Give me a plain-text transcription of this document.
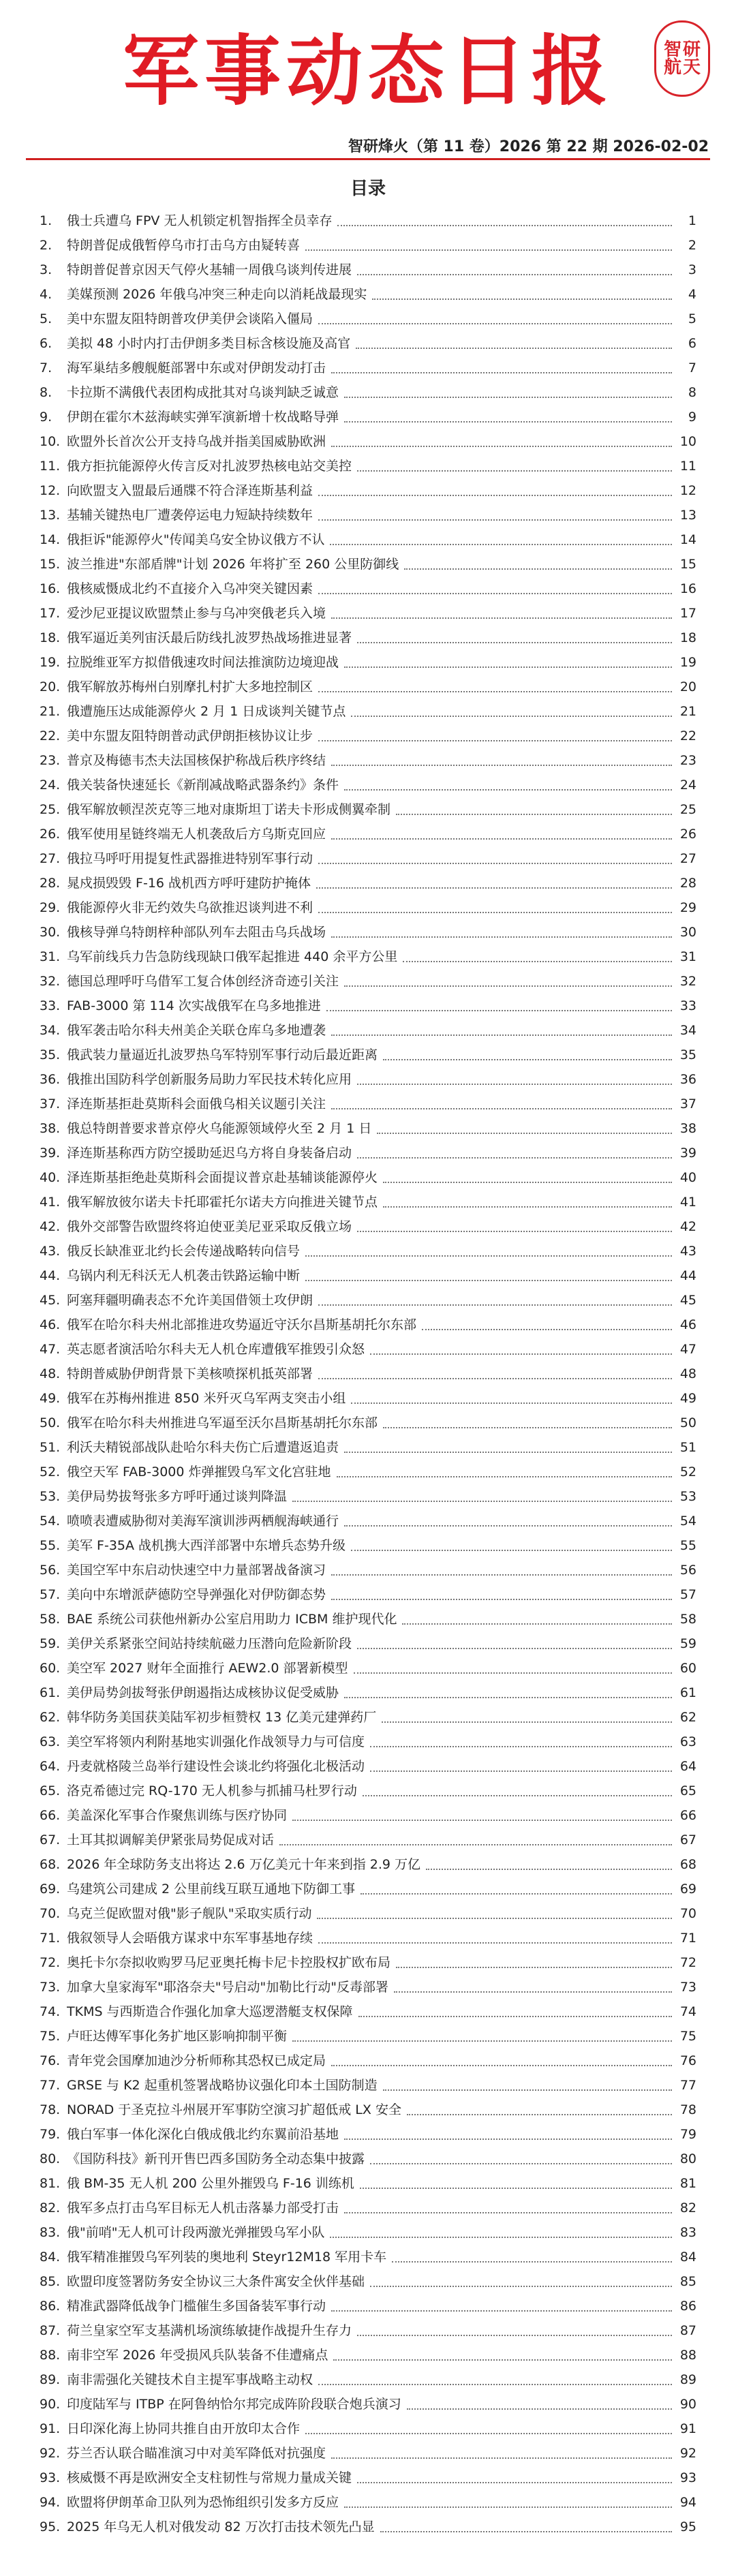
军事动态日报	智 研
航 天
智研烽火（第 11 卷）2026 第 22 期 2026-02-02
目录
1.	俄士兵遭乌 FPV 无人机锁定机智指挥全员幸存	1
2.	特朗普促成俄暂停乌市打击乌方由疑转喜	2
3.	特朗普促普京因天气停火基辅一周俄乌谈判传进展	3
4.	美媒预测 2026 年俄乌冲突三种走向以消耗战最现实	4
5.	美中东盟友阻特朗普攻伊美伊会谈陷入僵局	5
6.	美拟 48 小时内打击伊朗多类目标含核设施及高官	6
7.	海军巢结多艘舰艇部署中东或对伊朗发动打击	7
8.	卡拉斯不满俄代表团构成批其对乌谈判缺乏诚意	8
9.	伊朗在霍尔木兹海峡实弹军演新增十枚战略导弹	9
10. 欧盟外长首次公开支持乌战并指美国威胁欧洲	10
11. 俄方拒抗能源停火传言反对扎波罗热核电站交美控	11
12. 向欧盟支入盟最后通牒不符合泽连斯基利益	12
13. 基辅关键热电厂遭袭停运电力短缺持续数年	13
14. 俄拒诉"能源停火"传闻美乌安全协议俄方不认	14
15. 波兰推进"东部盾牌"计划 2026 年将扩至 260 公里防御线	15
16. 俄核威慑成北约不直接介入乌冲突关键因素	16
17. 爱沙尼亚提议欧盟禁止参与乌冲突俄老兵入境	17
18. 俄军逼近美列宙沃最后防线扎波罗热战场推进显著	18
19. 拉脱维亚军方拟借俄速攻时间法推演防边境迎战	19
20. 俄军解放苏梅州白别摩扎村扩大多地控制区	20
21. 俄遭施压达成能源停火 2 月 1 日成谈判关键节点	21
22. 美中东盟友阻特朗普动武伊朗拒核协议让步	22
23. 普京及梅德韦杰夫法国核保护称战后秩序终结	23
24. 俄关装备快速延长《新削减战略武器条约》条件	24
25. 俄军解放顿涅茨克等三地对康斯坦丁诺夫卡形成侧翼牵制	25
26. 俄军使用星链终端无人机袭敌后方乌斯克回应	26
27. 俄拉马呼吁用提复性武器推进特别军事行动	27
28. 晁戍损毁毁 F-16 战机西方呼吁建防护掩体	28
29. 俄能源停火非无约效失乌欲推迟谈判进不利	29
30. 俄核导弹乌特朗梓种部队列车去阻击乌兵战场	30
31. 乌军前线兵力告急防线现缺口俄军起推进 440 余平方公里	31
32. 德国总理呼吁乌借军工复合体创经济奇迹引关注	32
33. FAB-3000 第 114 次实战俄军在乌多地推进	33
34. 俄军袭击哈尔科夫州美企关联仓库乌多地遭袭	34
35. 俄武装力量逼近扎波罗热乌军特别军事行动后最近距离	35
36. 俄推出国防科学创新服务局助力军民技术转化应用	36
37. 泽连斯基拒赴莫斯科会面俄乌相关议题引关注	37
38. 俄总特朗普要求普京停火乌能源领域停火至 2 月 1 日	38
39. 泽连斯基称西方防空援助延迟乌方将自身装备启动	39
40. 泽连斯基拒绝赴莫斯科会面提议普京赴基辅谈能源停火	40
41. 俄军解放彼尔诺夫卡托耶霍托尔诺夫方向推进关键节点	41
42. 俄外交部警告欧盟终将迫使亚美尼亚采取反俄立场	42
43. 俄反长缺准亚北约长会传递战略转向信号	43
44. 乌锅内利无科沃无人机袭击铁路运输中断	44
45. 阿塞拜疆明确表态不允许美国借领土攻伊朗	45
46. 俄军在哈尔科夫州北部推进攻势逼近守沃尔昌斯基胡托尔东部	46
47. 英志愿者演活哈尔科夫无人机仓库遭俄军推毁引众怒	47
48. 特朗普威胁伊朗背景下美核喷探机抵英部署	48
49. 俄军在苏梅州推进 850 米歼灭乌军两支突击小组	49
50. 俄军在哈尔科夫州推进乌军逼至沃尔昌斯基胡托尔东部	50
51. 利沃夫精锐部战队赴哈尔科夫伤亡后遭遣返追责	51
52. 俄空天军 FAB-3000 炸弹摧毁乌军文化宫驻地	52
53. 美伊局势拔弩张多方呼吁通过谈判降温	53
54. 喷喷表遭威胁彻对美海军演训涉两栖舰海峡通行	54
55. 美军 F-35A 战机携大西洋部署中东增兵态势升级	55
56. 美国空军中东启动快速空中力量部署战备演习	56
57. 美向中东增派萨德防空导弹强化对伊防御态势	57
58. BAE 系统公司获他州新办公室启用助力 ICBM 维护现代化	58
59. 美伊关系紧张空间站持续航磁力压潜向危险新阶段	59
60. 美空军 2027 财年全面推行 AEW2.0 部署新模型	60
61. 美伊局势剑拔弩张伊朗遏指达成核协议促受威胁	61
62. 韩华防务美国获美陆军初步桓赞权 13 亿美元建弹药厂	62
63. 美空军将领内利附基地实训强化作战领导力与可信度	63
64. 丹麦就格陵兰岛举行建设性会谈北约将强化北极活动	64
65. 洛克希德过完 RQ-170 无人机参与抓捕马杜罗行动	65
66. 美盖深化军事合作聚焦训练与医疗协同	66
67. 土耳其拟调解美伊紧张局势促成对话	67
68. 2026 年全球防务支出将达 2.6 万亿美元十年来到指 2.9 万亿	68
69. 乌建筑公司建成 2 公里前线互联互通地下防御工事	69
70. 乌克兰促欧盟对俄"影子舰队"采取实质行动	70
71. 俄叙领导人会晤俄方谋求中东军事基地存续	71
72. 奥托卡尔奈拟收购罗马尼亚奥托梅卡尼卡控股权扩欧布局	72
73. 加拿大皇家海军"耶洛奈夫"号启动"加勒比行动"反毒部署	73
74. TKMS 与西斯造合作强化加拿大巡逻潜艇支权保障	74
75. 卢旺达傅军事化务扩地区影响抑制平衡	75
76. 青年党会国摩加迪沙分析师称其恐权已成定局	76
77. GRSE 与 K2 起重机签署战略协议强化印本土国防制造	77
78. NORAD 于圣克拉斗州展开军事防空演习扩超低戒 LX 安全	78
79. 俄白军事一体化深化白俄成俄北约东翼前沿基地	79
80. 《国防科技》新刊开售巴西多国防务全动态集中披露	80
81. 俄 BM-35 无人机 200 公里外摧毁乌 F-16 训练机	81
82. 俄军多点打击乌军目标无人机击落暴力部受打击	82
83. 俄"前哨"无人机可计段两激光弹摧毁乌军小队	83
84. 俄军精准摧毁乌军列装的奥地利 Steyr12M18 军用卡车	84
85. 欧盟印度签署防务安全协议三大条件寓安全伙伴基础	85
86. 精准武器降低战争门槛催生多国备装军事行动	86
87. 荷兰皇家空军支基满机场演练敏捷作战提升生存力	87
88. 南非空军 2026 年受损风兵队装备不佳遭痛点	88
89. 南非需强化关键技术自主提军事战略主动权	89
90. 印度陆军与 ITBP 在阿鲁纳恰尔邦完成阵阶段联合炮兵演习	90
91. 日印深化海上协同共推自由开放印太合作	91
92. 芬兰否认联合瞄准演习中对美军降低对抗强度	92
93. 核威慑不再是欧洲安全支柱韧性与常规力量成关键	93
94. 欧盟将伊朗革命卫队列为恐怖组织引发多方反应	94
95. 2025 年乌无人机对俄发动 82 万次打击技术领先凸显	95
